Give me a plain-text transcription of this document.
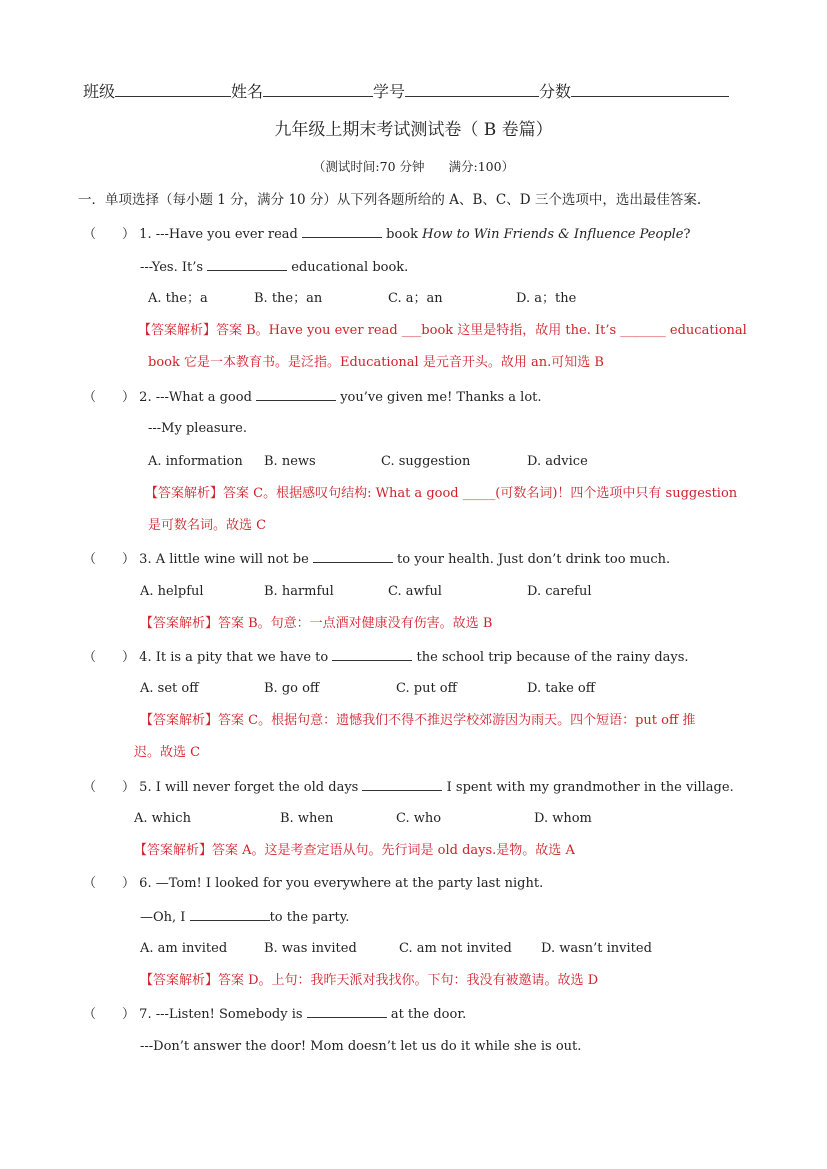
班级	姓名	学号	分数
九年级上期末考试测试卷（ B 卷篇）
（测试时间:70 分钟 满分:100）
一．单项选择（每小题 1 分，满分 10 分）从下列各题所给的 A、B、C、D 三个选项中，选出最佳答案.
（ ） 1. ---Have you ever read	book How to Win Friends & Influence People?
---Yes. It’s	educational book.
A. the；a	B. the；an	C. a；an	D. a；the
【答案解析】答案 B。Have you ever read ___book 这里是特指，故用 the. It’s _______ educational
book 它是一本教育书。是泛指。Educational 是元音开头。故用 an.可知选 B
（ ） 2. ---What a good	you’ve given me! Thanks a lot.
---My pleasure.
A. information B. news	C. suggestion	D. advice
【答案解析】答案 C。根据感叹句结构: What a good _____(可数名词)！四个选项中只有 suggestion
是可数名词。故选 C
（ ） 3. A little wine will not be	to your health. Just don’t drink too much.
A. helpful	B. harmful	C. awful	D. careful
【答案解析】答案 B。句意：一点酒对健康没有伤害。故选 B
（ ） 4. It is a pity that we have to	the school trip because of the rainy days.
A. set off	B. go off	C. put off	D. take off
【答案解析】答案 C。根据句意：遗憾我们不得不推迟学校郊游因为雨天。四个短语：put off 推
迟。故选 C
（ ） 5. I will never forget the old days	I spent with my grandmother in the village.
A. which	B. when	C. who	D. whom
【答案解析】答案 A。这是考查定语从句。先行词是 old days.是物。故选 A
（ ） 6. —Tom! I looked for you everywhere at the party last night.
—Oh, I	to the party.
A. am invited	B. was invited	C. am not invited D. wasn’t invited
【答案解析】答案 D。上句：我昨天派对我找你。下句：我没有被邀请。故选 D
（ ） 7. ---Listen! Somebody is	at the door.
---Don’t answer the door! Mom doesn’t let us do it while she is out.
